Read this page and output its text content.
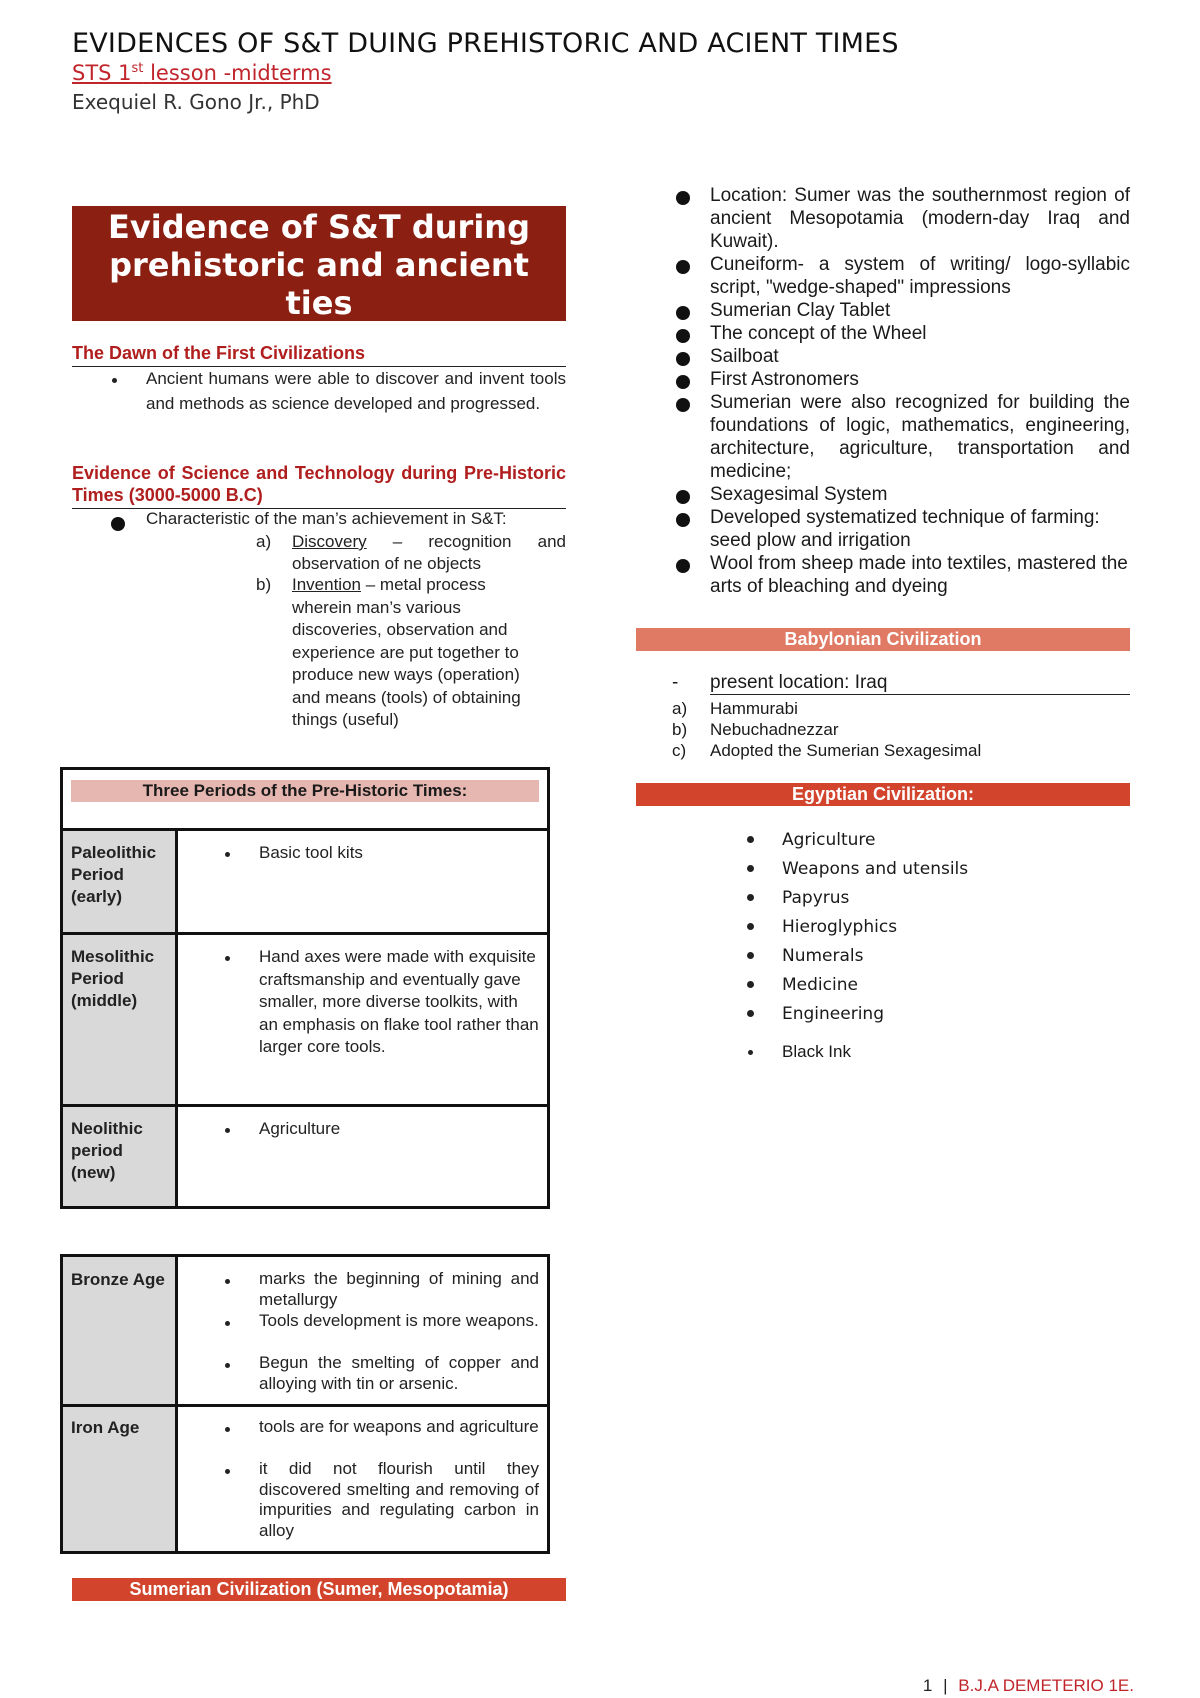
EVIDENCES OF S&T DUING PREHISTORIC AND ACIENT TIMES
STS 1st lesson -midterms
Exequiel R. Gono Jr., PhD
Evidence of S&T during
prehistoric and ancient
ties
The Dawn of the First Civilizations
Ancient humans were able to discover and invent tools and methods as science developed and progressed.
Evidence of Science and Technology during Pre-Historic Times (3000-5000 B.C)
Characteristic of the man’s achievement in S&T:
a) Discovery – recognition and observation of ne objects
b) Invention – metal process wherein man’s various discoveries, observation and experience are put together to produce new ways (operation) and means (tools) of obtaining things (useful)
Three Periods of the Pre-Historic Times:
Paleolithic Period (early)
Basic tool kits
Mesolithic Period (middle)
Hand axes were made with exquisite craftsmanship and eventually gave smaller, more diverse toolkits, with an emphasis on flake tool rather than larger core tools.
Neolithic period (new)
Agriculture
Bronze Age	marks the beginning of mining and metallurgy
Tools development is more weapons.
Begun the smelting of copper and alloying with tin or arsenic.
Iron Age	tools are for weapons and agriculture
it did not flourish until they discovered smelting and removing of impurities and regulating carbon in alloy
Sumerian Civilization (Sumer, Mesopotamia)
Location: Sumer was the southernmost region of ancient Mesopotamia (modern-day Iraq and Kuwait).
Cuneiform- a system of writing/ logo-syllabic script, "wedge-shaped" impressions
Sumerian Clay Tablet
The concept of the Wheel
Sailboat
First Astronomers
Sumerian were also recognized for building the foundations of logic, mathematics, engineering, architecture, agriculture, transportation and medicine;
Sexagesimal System
Developed systematized technique of farming: seed plow and irrigation
Wool from sheep made into textiles, mastered the arts of bleaching and dyeing
Babylonian Civilization
- present location: Iraq
a) Hammurabi
b) Nebuchadnezzar
c) Adopted the Sumerian Sexagesimal
Egyptian Civilization:
Agriculture
Weapons and utensils
Papyrus
Hieroglyphics
Numerals
Medicine
Engineering
Black Ink
1 | B.J.A DEMETERIO 1E.
